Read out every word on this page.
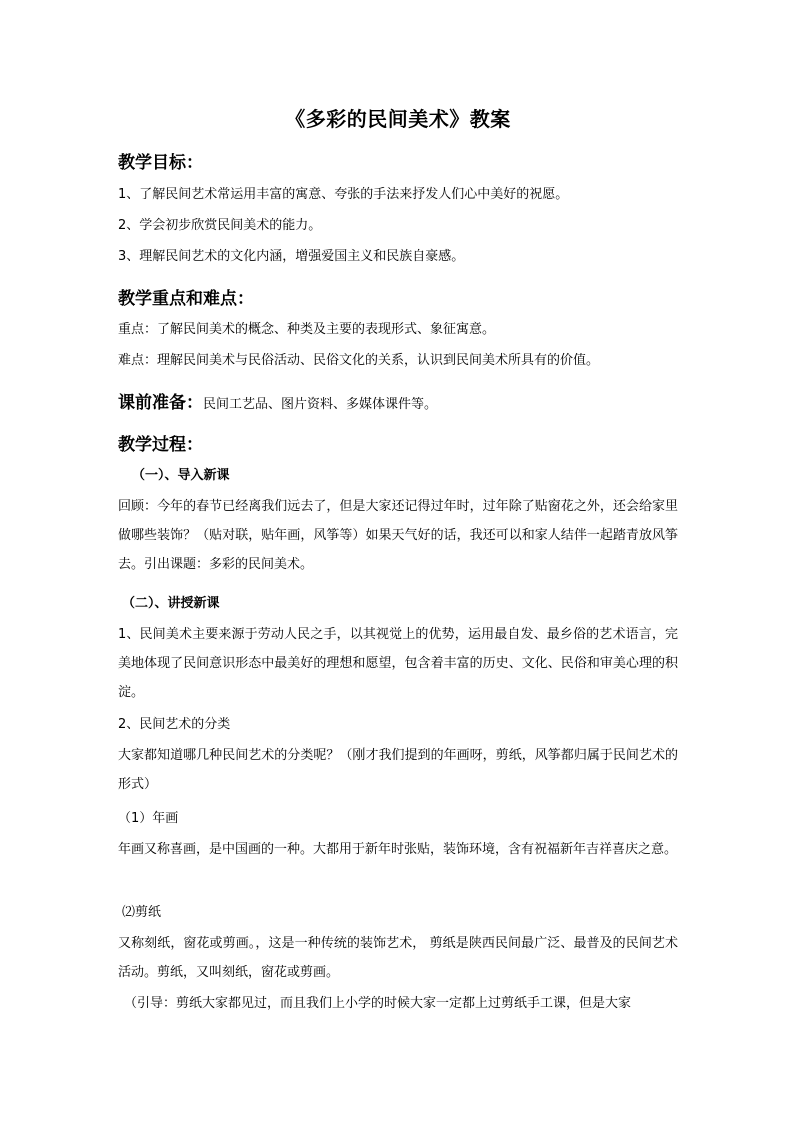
《多彩的民间美术》教案
教学目标：
1、了解民间艺术常运用丰富的寓意、夸张的手法来抒发人们心中美好的祝愿。
2、学会初步欣赏民间美术的能力。
3、理解民间艺术的文化内涵，增强爱国主义和民族自豪感。
教学重点和难点：
重点：了解民间美术的概念、种类及主要的表现形式、象征寓意。
难点：理解民间美术与民俗活动、民俗文化的关系，认识到民间美术所具有的价值。
课前准备：民间工艺品、图片资料、多媒体课件等。
教学过程：
（一）、导入新课
回顾：今年的春节已经离我们远去了，但是大家还记得过年时，过年除了贴窗花之外，还会给家里做哪些装饰？（贴对联，贴年画，风筝等）如果天气好的话，我还可以和家人结伴一起踏青放风筝去。引出课题：多彩的民间美术。
（二）、讲授新课
1、民间美术主要来源于劳动人民之手，以其视觉上的优势，运用最自发、最乡俗的艺术语言，完美地体现了民间意识形态中最美好的理想和愿望，包含着丰富的历史、文化、民俗和审美心理的积淀。
2、民间艺术的分类
大家都知道哪几种民间艺术的分类呢？（刚才我们提到的年画呀，剪纸，风筝都归属于民间艺术的形式）
（1）年画
年画又称喜画，是中国画的一种。大都用于新年时张贴，装饰环境，含有祝福新年吉祥喜庆之意。
⑵剪纸
又称刻纸，窗花或剪画。，这是一种传统的装饰艺术， 剪纸是陕西民间最广泛、最普及的民间艺术活动。剪纸，又叫刻纸，窗花或剪画。
（引导：剪纸大家都见过，而且我们上小学的时候大家一定都上过剪纸手工课，但是大家
